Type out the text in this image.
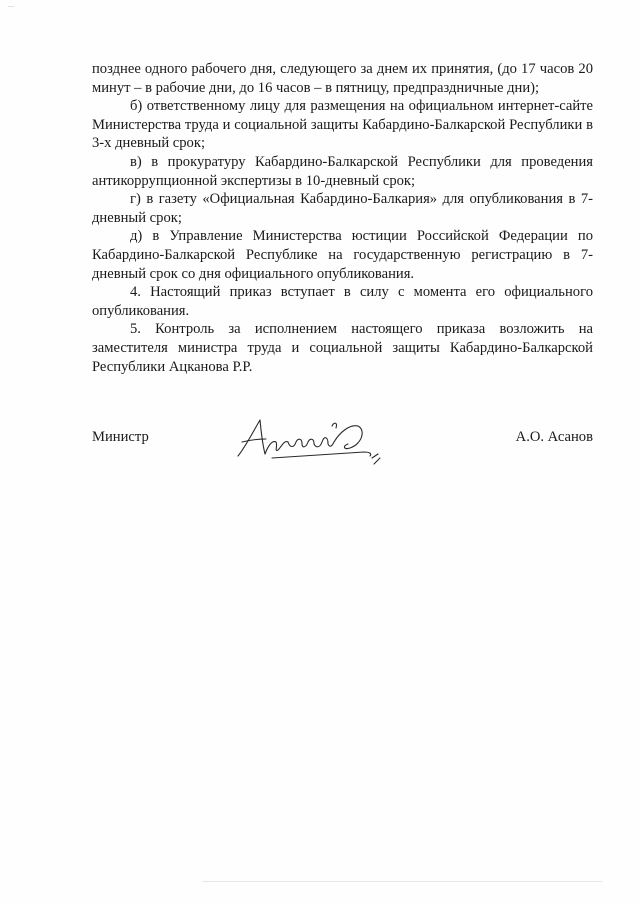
позднее одного рабочего дня, следующего за днем их принятия, (до 17 часов 20 минут – в рабочие дни, до 16 часов – в пятницу, предпраздничные дни);

б) ответственному лицу для размещения на официальном интернет-сайте Министерства труда и социальной защиты Кабардино-Балкарской Республики в 3-х дневный срок;

в) в прокуратуру Кабардино-Балкарской Республики для проведения антикоррупционной экспертизы в 10-дневный срок;

г) в газету «Официальная Кабардино-Балкария» для опубликования в 7-дневный срок;

д) в Управление Министерства юстиции Российской Федерации по Кабардино-Балкарской Республике на государственную регистрацию в 7-дневный срок со дня официального опубликования.

4. Настоящий приказ вступает в силу с момента его официального опубликования.

5. Контроль за исполнением настоящего приказа возложить на заместителя министра труда и социальной защиты Кабардино-Балкарской Республики Ацканова Р.Р.

Министр	А.О. Асанов
